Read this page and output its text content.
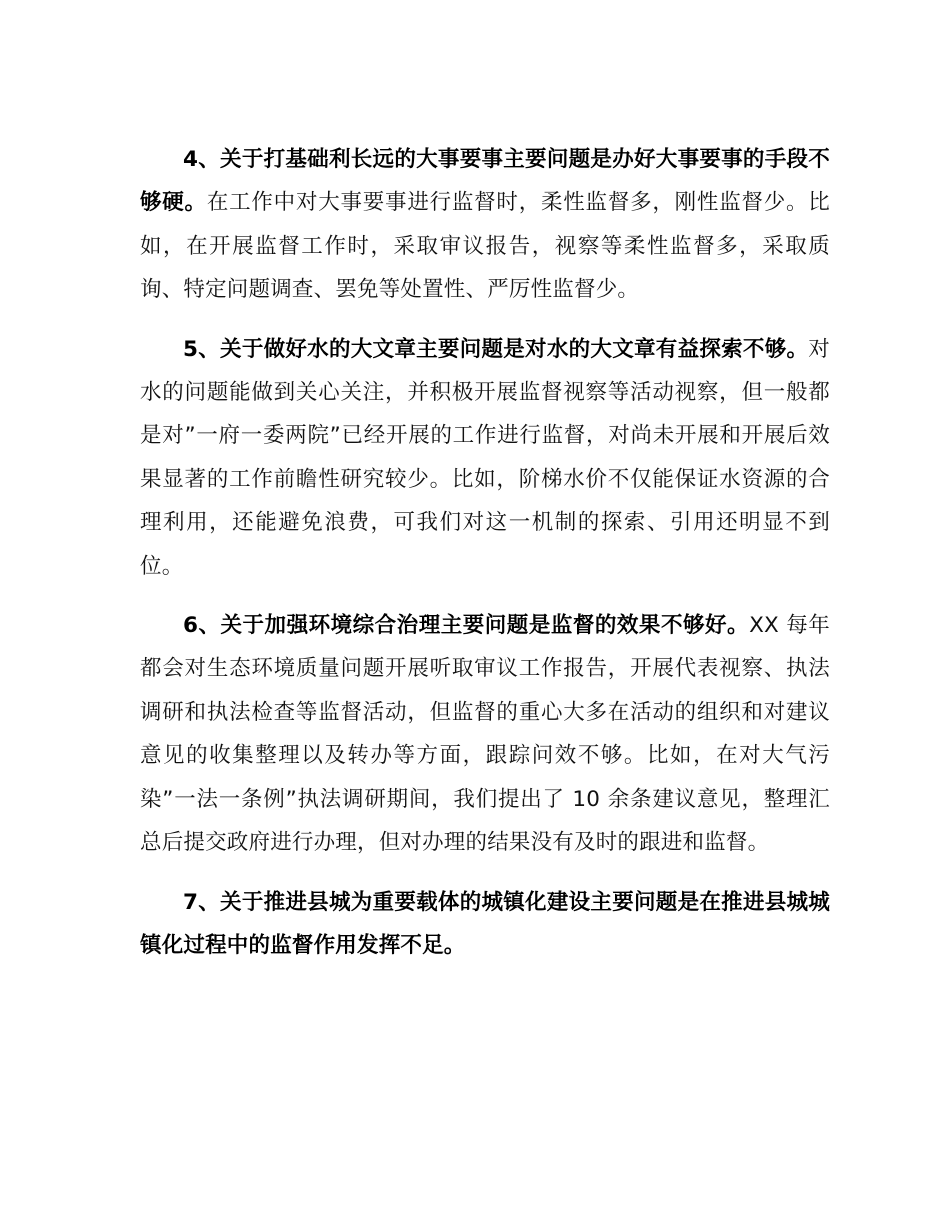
4、关于打基础利长远的大事要事主要问题是办好大事要事的手段不够硬。在工作中对大事要事进行监督时，柔性监督多，刚性监督少。比如，在开展监督工作时，采取审议报告，视察等柔性监督多，采取质询、特定问题调查、罢免等处置性、严厉性监督少。

5、关于做好水的大文章主要问题是对水的大文章有益探索不够。对水的问题能做到关心关注，并积极开展监督视察等活动视察，但一般都是对”一府一委两院”已经开展的工作进行监督，对尚未开展和开展后效果显著的工作前瞻性研究较少。比如，阶梯水价不仅能保证水资源的合理利用，还能避免浪费，可我们对这一机制的探索、引用还明显不到位。

6、关于加强环境综合治理主要问题是监督的效果不够好。XX 每年都会对生态环境质量问题开展听取审议工作报告，开展代表视察、执法调研和执法检查等监督活动，但监督的重心大多在活动的组织和对建议意见的收集整理以及转办等方面，跟踪问效不够。比如，在对大气污染”一法一条例”执法调研期间，我们提出了 10 余条建议意见，整理汇总后提交政府进行办理，但对办理的结果没有及时的跟进和监督。

7、关于推进县城为重要载体的城镇化建设主要问题是在推进县城城镇化过程中的监督作用发挥不足。
